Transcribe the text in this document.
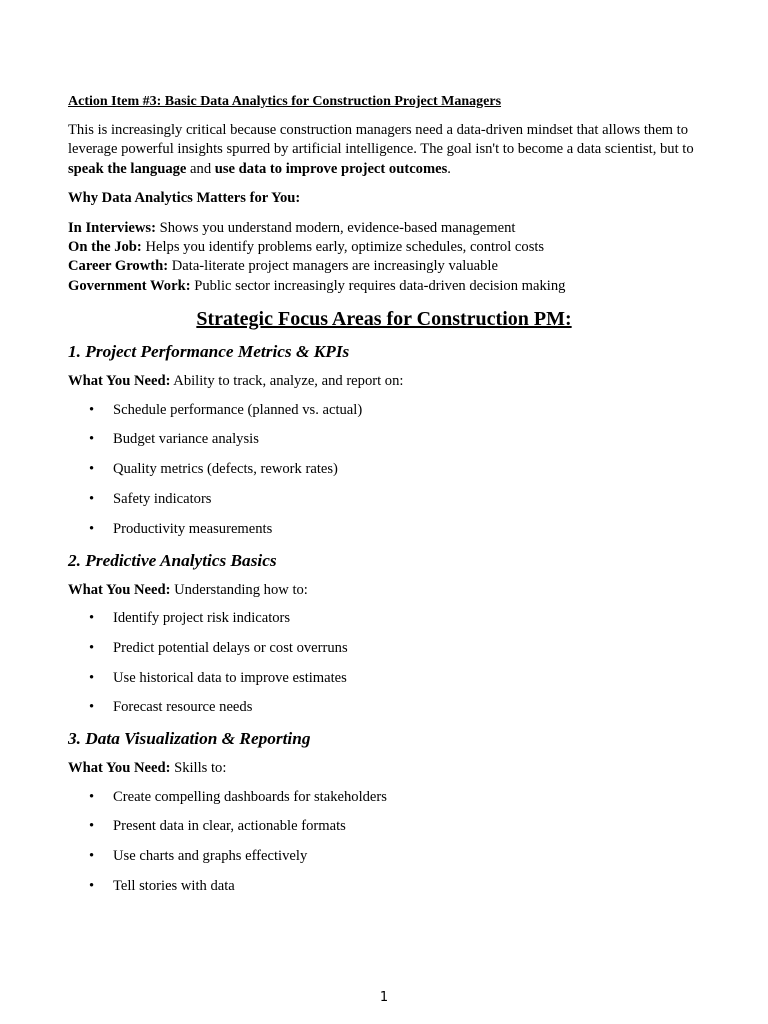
Action Item #3: Basic Data Analytics for Construction Project Managers

This is increasingly critical because construction managers need a data-driven mindset that allows them to leverage powerful insights spurred by artificial intelligence. The goal isn't to become a data scientist, but to speak the language and use data to improve project outcomes.

Why Data Analytics Matters for You:

In Interviews: Shows you understand modern, evidence-based management

On the Job: Helps you identify problems early, optimize schedules, control costs

Career Growth: Data-literate project managers are increasingly valuable

Government Work: Public sector increasingly requires data-driven decision making

Strategic Focus Areas for Construction PM:
1. Project Performance Metrics & KPIs

What You Need: Ability to track, analyze, and report on:

• Schedule performance (planned vs. actual)
• Budget variance analysis
• Quality metrics (defects, rework rates)
• Safety indicators
• Productivity measurements
2. Predictive Analytics Basics

What You Need: Understanding how to:

• Identify project risk indicators
• Predict potential delays or cost overruns
• Use historical data to improve estimates
• Forecast resource needs
3. Data Visualization & Reporting

What You Need: Skills to:

• Create compelling dashboards for stakeholders
• Present data in clear, actionable formats
• Use charts and graphs effectively
• Tell stories with data
1
